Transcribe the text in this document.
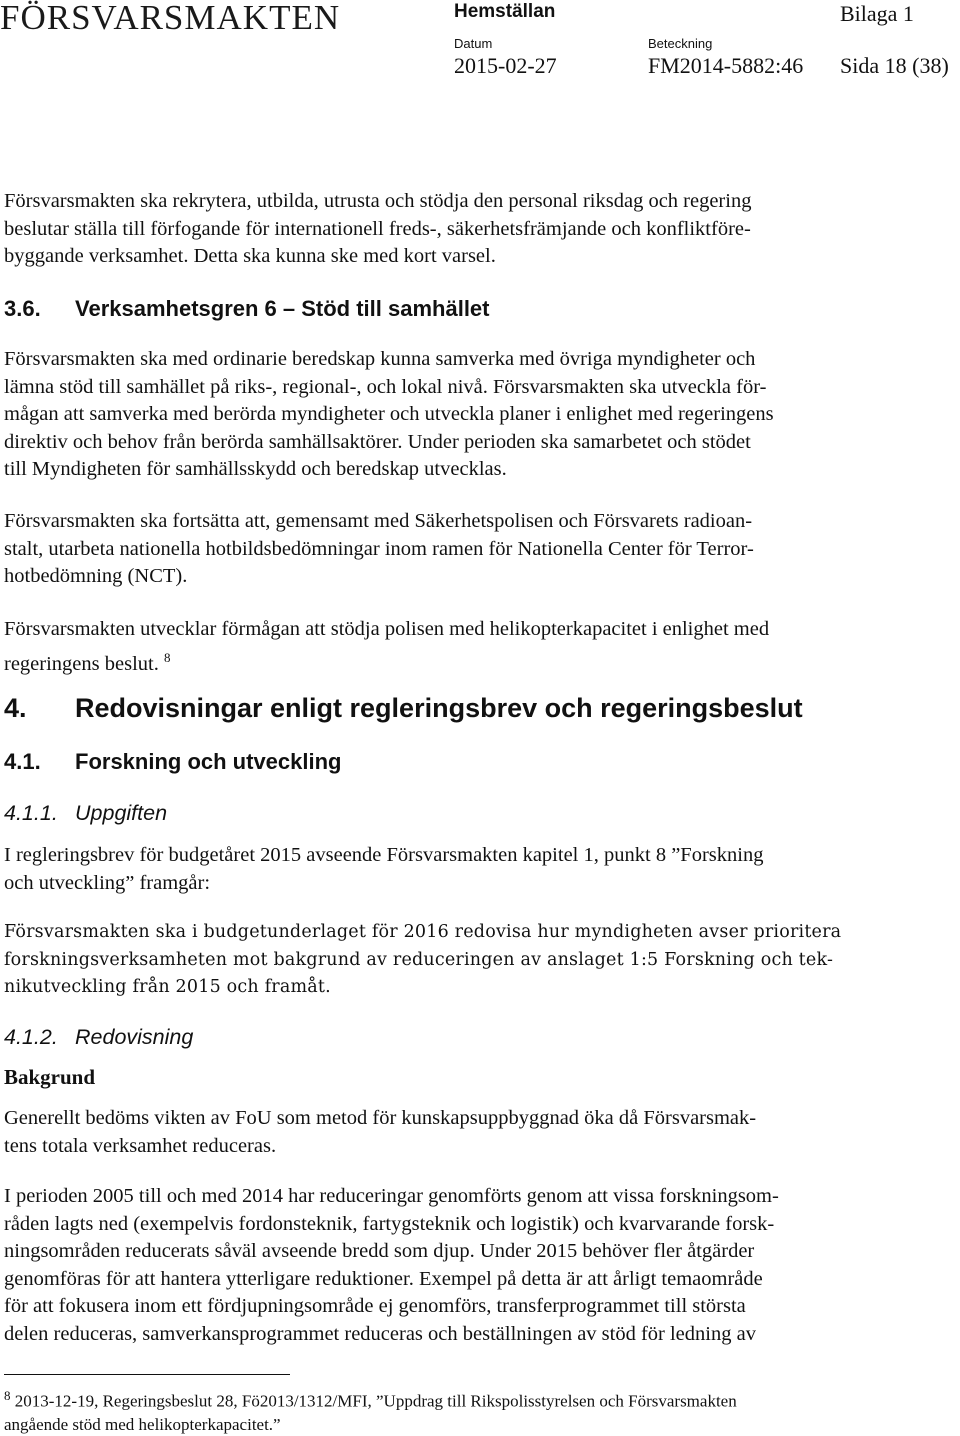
FÖRSVARSMAKTEN	Hemställan	Bilaga 1
Datum	Beteckning
2015-02-27	FM2014-5882:46 Sida 18 (38)
Försvarsmakten ska rekrytera, utbilda, utrusta och stödja den personal riksdag och regering
beslutar ställa till förfogande för internationell freds-, säkerhetsfrämjande och konfliktföre-
byggande verksamhet. Detta ska kunna ske med kort varsel.
3.6. Verksamhetsgren 6 – Stöd till samhället
Försvarsmakten ska med ordinarie beredskap kunna samverka med övriga myndigheter och
lämna stöd till samhället på riks-, regional-, och lokal nivå. Försvarsmakten ska utveckla för-
mågan att samverka med berörda myndigheter och utveckla planer i enlighet med regeringens
direktiv och behov från berörda samhällsaktörer. Under perioden ska samarbetet och stödet
till Myndigheten för samhällsskydd och beredskap utvecklas.
Försvarsmakten ska fortsätta att, gemensamt med Säkerhetspolisen och Försvarets radioan-
stalt, utarbeta nationella hotbildsbedömningar inom ramen för Nationella Center för Terror-
hotbedömning (NCT).
Försvarsmakten utvecklar förmågan att stödja polisen med helikopterkapacitet i enlighet med
regeringens beslut. $^8$
4. Redovisningar enligt regleringsbrev och regeringsbeslut
4.1. Forskning och utveckling
4.1.1. Uppgiften
I regleringsbrev för budgetåret 2015 avseende Försvarsmakten kapitel 1, punkt 8 ”Forskning
och utveckling” framgår:
Försvarsmakten ska i budgetunderlaget för 2016 redovisa hur myndigheten avser prioritera
forskningsverksamheten mot bakgrund av reduceringen av anslaget 1:5 Forskning och tek-
nikutveckling från 2015 och framåt.
4.1.2. Redovisning
Bakgrund
Generellt bedöms vikten av FoU som metod för kunskapsuppbyggnad öka då Försvarsmak-
tens totala verksamhet reduceras.
I perioden 2005 till och med 2014 har reduceringar genomförts genom att vissa forskningsom-
råden lagts ned (exempelvis fordonsteknik, fartygsteknik och logistik) och kvarvarande forsk-
ningsområden reducerats såväl avseende bredd som djup. Under 2015 behöver fler åtgärder
genomföras för att hantera ytterligare reduktioner. Exempel på detta är att årligt temaområde
för att fokusera inom ett fördjupningsområde ej genomförs, transferprogrammet till största
delen reduceras, samverkansprogrammet reduceras och beställningen av stöd för ledning av
$^8$ 2013-12-19, Regeringsbeslut 28, Fö2013/1312/MFI, ”Uppdrag till Rikspolisstyrelsen och Försvarsmakten
angående stöd med helikopterkapacitet.”
